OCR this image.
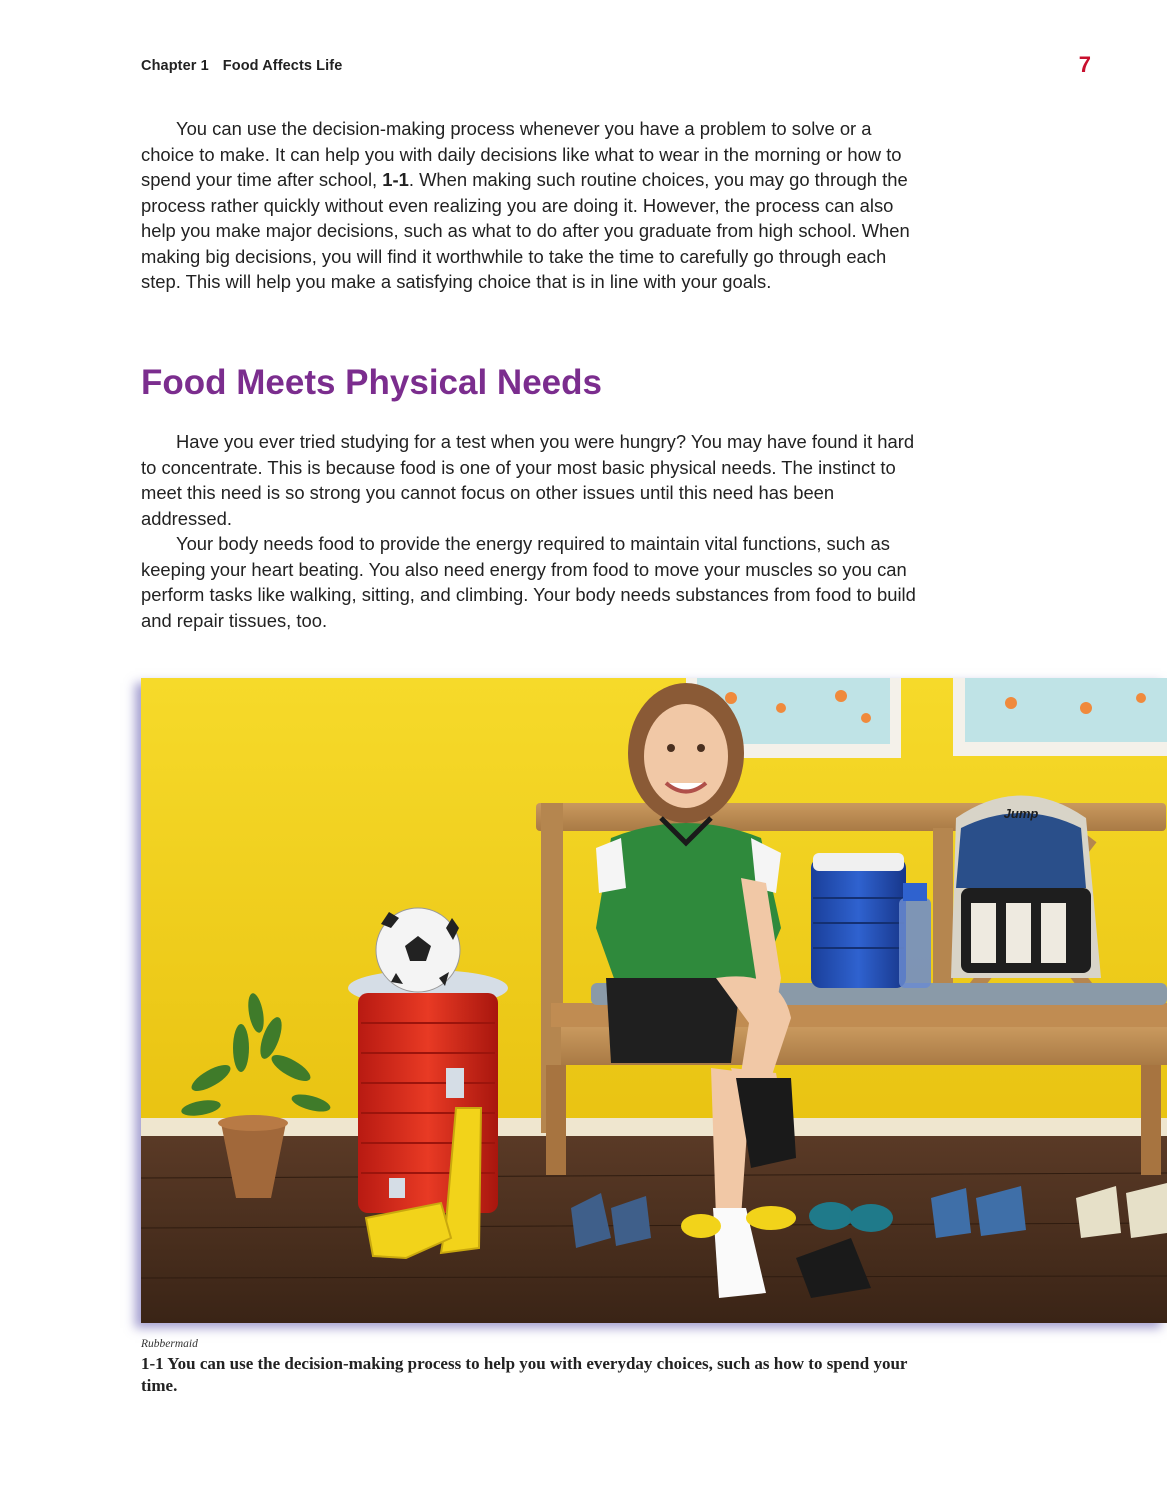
Chapter 1 Food Affects Life	7

You can use the decision-making process whenever you have a problem to solve or a choice to make. It can help you with daily decisions like what to wear in the morning or how to spend your time after school, 1-1. When making such routine choices, you may go through the process rather quickly without even realizing you are doing it. However, the process can also help you make major decisions, such as what to do after you graduate from high school. When making big decisions, you will find it worthwhile to take the time to carefully go through each step. This will help you make a satisfying choice that is in line with your goals.

Food Meets Physical Needs

Have you ever tried studying for a test when you were hungry? You may have found it hard to concentrate. This is because food is one of your most basic physical needs. The instinct to meet this need is so strong you cannot focus on other issues until this need has been addressed.

Your body needs food to provide the energy required to maintain vital functions, such as keeping your heart beating. You also need energy from food to move your muscles so you can perform tasks like walking, sitting, and climbing. Your body needs substances from food to build and repair tissues, too.

Jump
Rubbermaid

1-1 You can use the decision-making process to help you with everyday choices, such as how to spend your time.
